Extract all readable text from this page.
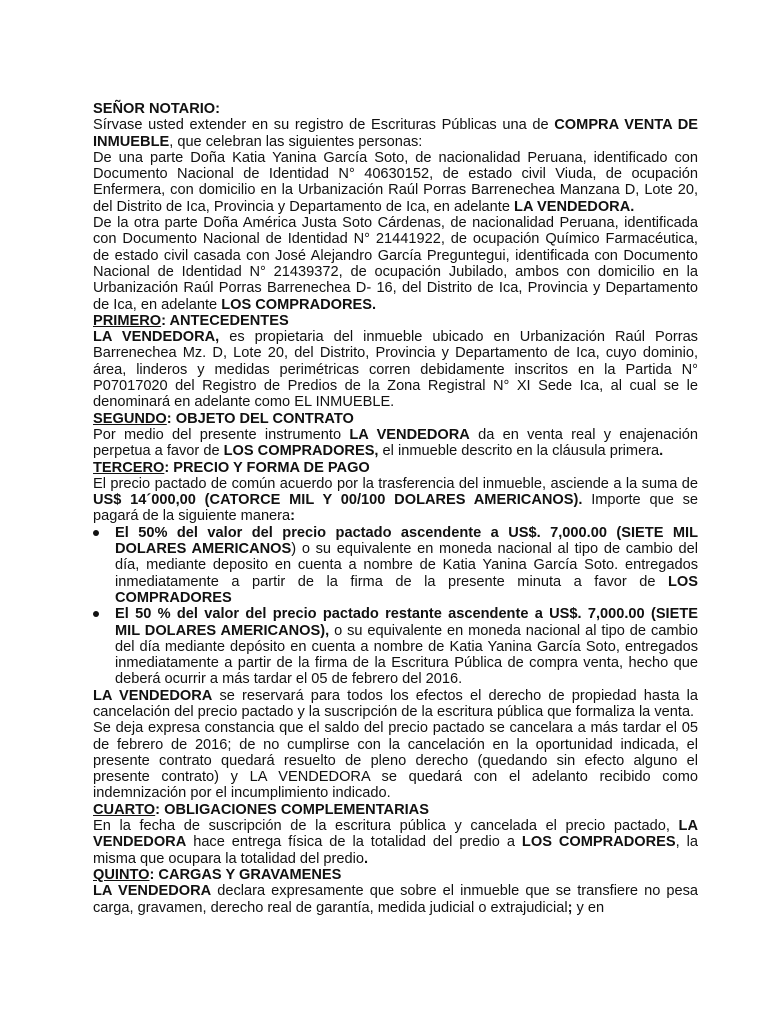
SEÑOR NOTARIO:

Sírvase usted extender en su registro de Escrituras Públicas una de COMPRA VENTA DE INMUEBLE, que celebran las siguientes personas:

De una parte Doña Katia Yanina García Soto, de nacionalidad Peruana, identificado con Documento Nacional de Identidad N° 40630152, de estado civil Viuda, de ocupación Enfermera, con domicilio en la Urbanización Raúl Porras Barrenechea Manzana D, Lote 20, del Distrito de Ica, Provincia y Departamento de Ica, en adelante LA VENDEDORA.

De la otra parte Doña América Justa Soto Cárdenas, de nacionalidad Peruana, identificada con Documento Nacional de Identidad N° 21441922, de ocupación Químico Farmacéutica, de estado civil casada con José Alejandro García Preguntegui, identificada con Documento Nacional de Identidad N° 21439372, de ocupación Jubilado, ambos con domicilio en la Urbanización Raúl Porras Barrenechea D- 16, del Distrito de Ica, Provincia y Departamento de Ica, en adelante LOS COMPRADORES.

PRIMERO: ANTECEDENTES

LA VENDEDORA, es propietaria del inmueble ubicado en Urbanización Raúl Porras Barrenechea Mz. D, Lote 20, del Distrito, Provincia y Departamento de Ica, cuyo dominio, área, linderos y medidas perimétricas corren debidamente inscritos en la Partida N° P07017020 del Registro de Predios de la Zona Registral N° XI Sede Ica, al cual se le denominará en adelante como EL INMUEBLE.

SEGUNDO: OBJETO DEL CONTRATO

Por medio del presente instrumento LA VENDEDORA da en venta real y enajenación perpetua a favor de LOS COMPRADORES, el inmueble descrito en la cláusula primera.

TERCERO: PRECIO Y FORMA DE PAGO

El precio pactado de común acuerdo por la trasferencia del inmueble, asciende a la suma de US$ 14´000,00 (CATORCE MIL Y 00/100 DOLARES AMERICANOS). Importe que se pagará de la siguiente manera:

El 50% del valor del precio pactado ascendente a US$. 7,000.00 (SIETE MIL DOLARES AMERICANOS) o su equivalente en moneda nacional al tipo de cambio del día, mediante deposito en cuenta a nombre de Katia Yanina García Soto. entregados inmediatamente a partir de la firma de la presente minuta a favor de LOS COMPRADORES
El 50 % del valor del precio pactado restante ascendente a US$. 7,000.00 (SIETE MIL DOLARES AMERICANOS), o su equivalente en moneda nacional al tipo de cambio del día mediante depósito en cuenta a nombre de Katia Yanina García Soto, entregados inmediatamente a partir de la firma de la Escritura Pública de compra venta, hecho que deberá ocurrir a más tardar el 05 de febrero del 2016.

LA VENDEDORA se reservará para todos los efectos el derecho de propiedad hasta la cancelación del precio pactado y la suscripción de la escritura pública que formaliza la venta.

Se deja expresa constancia que el saldo del precio pactado se cancelara a más tardar el 05 de febrero de 2016; de no cumplirse con la cancelación en la oportunidad indicada, el presente contrato quedará resuelto de pleno derecho (quedando sin efecto alguno el presente contrato) y LA VENDEDORA se quedará con el adelanto recibido como indemnización por el incumplimiento indicado.

CUARTO: OBLIGACIONES COMPLEMENTARIAS

En la fecha de suscripción de la escritura pública y cancelada el precio pactado, LA VENDEDORA hace entrega física de la totalidad del predio a LOS COMPRADORES, la misma que ocupara la totalidad del predio.

QUINTO: CARGAS Y GRAVAMENES

LA VENDEDORA declara expresamente que sobre el inmueble que se transfiere no pesa carga, gravamen, derecho real de garantía, medida judicial o extrajudicial; y en
